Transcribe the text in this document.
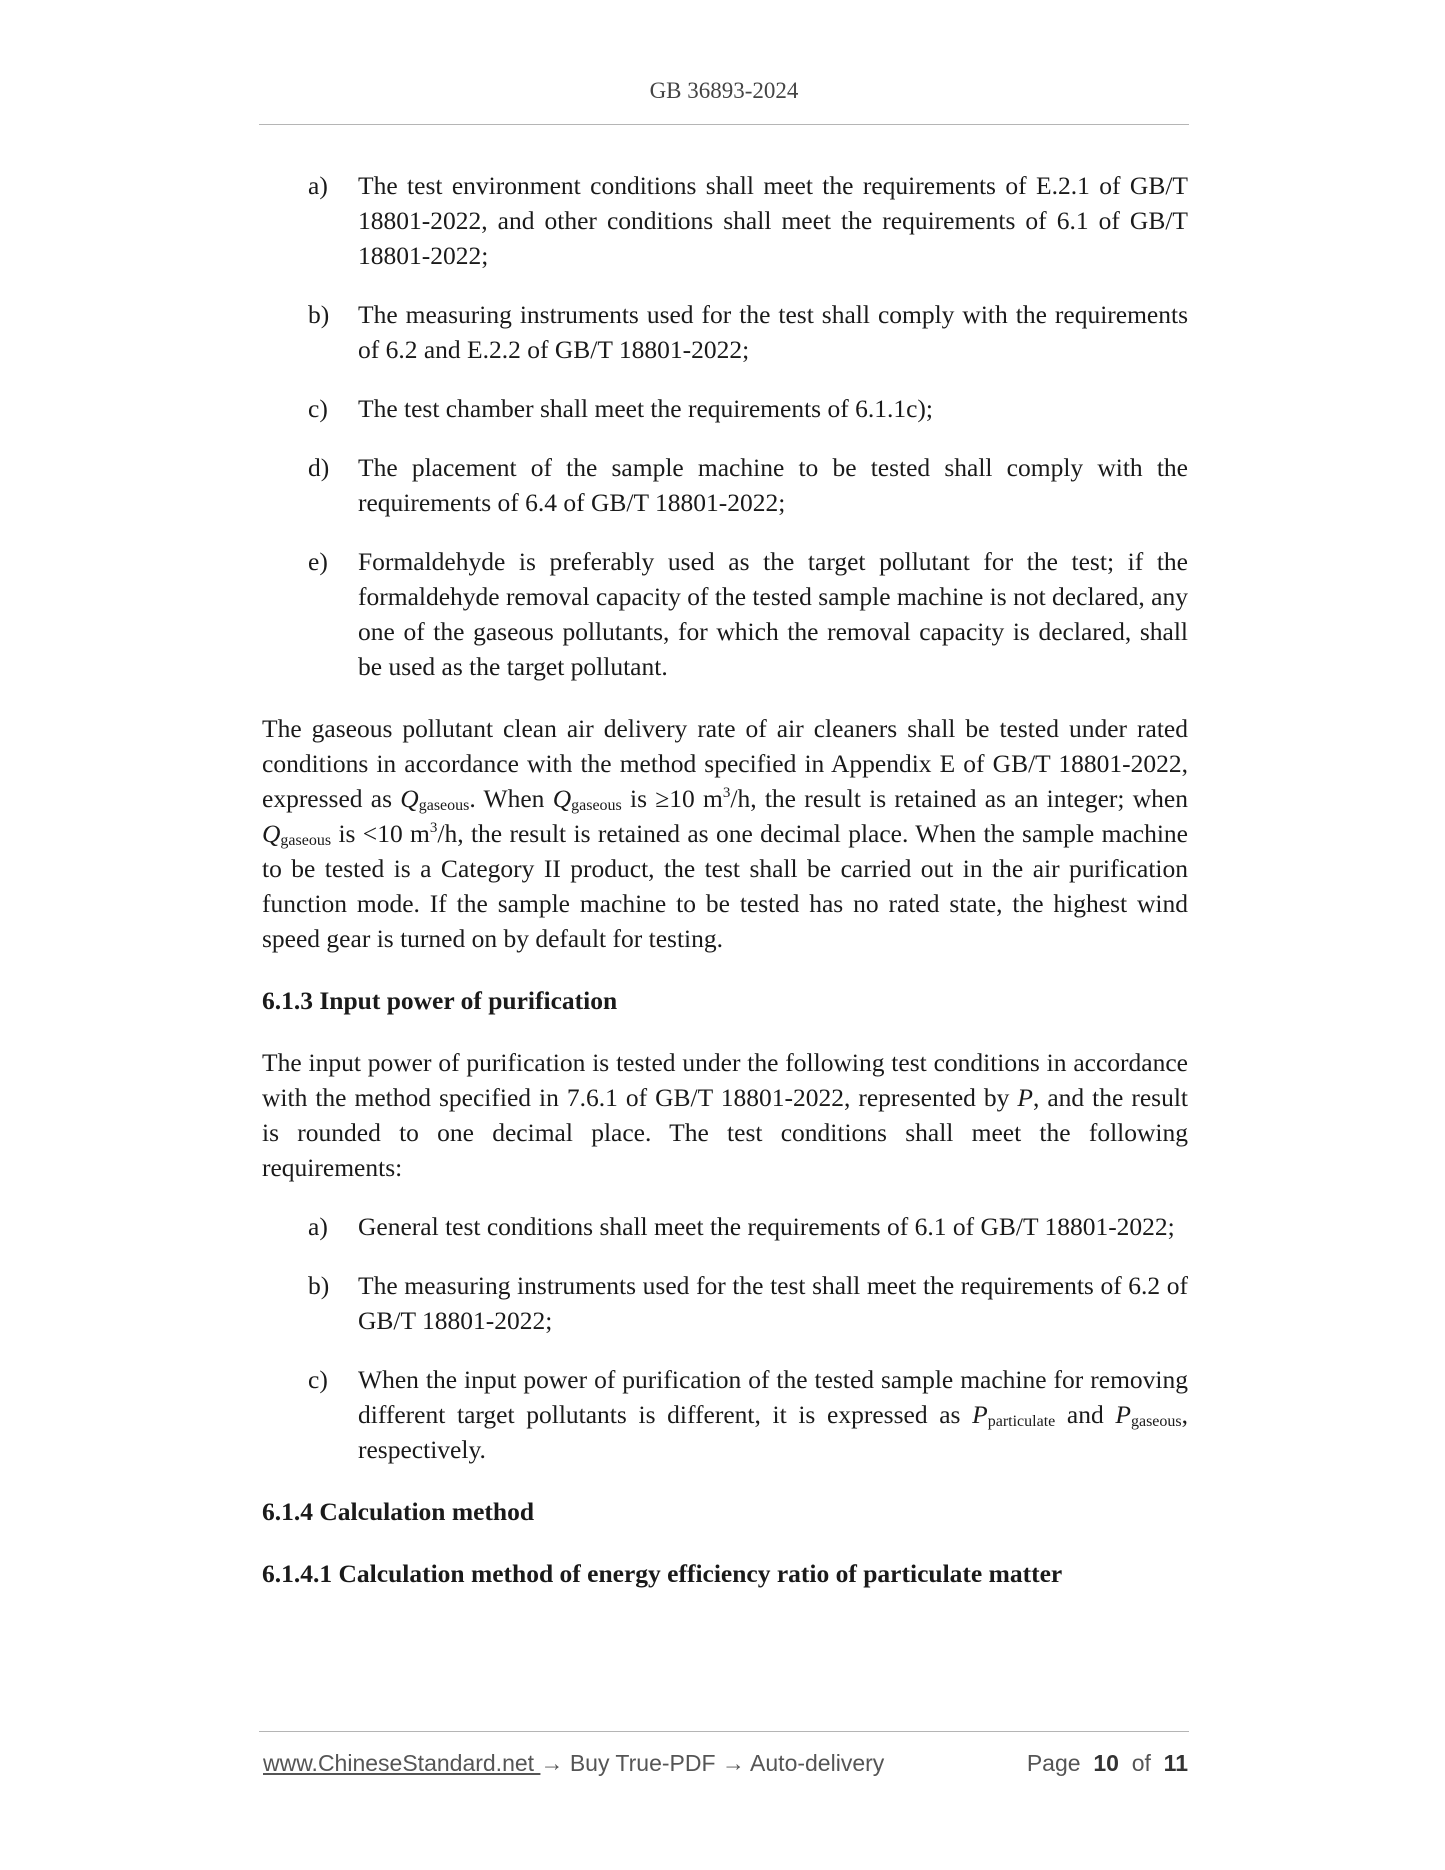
GB 36893-2024
a) The test environment conditions shall meet the requirements of E.2.1 of GB/T 18801-2022, and other conditions shall meet the requirements of 6.1 of GB/T 18801-2022;
b) The measuring instruments used for the test shall comply with the requirements of 6.2 and E.2.2 of GB/T 18801-2022;
c) The test chamber shall meet the requirements of 6.1.1c);
d) The placement of the sample machine to be tested shall comply with the requirements of 6.4 of GB/T 18801-2022;
e) Formaldehyde is preferably used as the target pollutant for the test; if the formaldehyde removal capacity of the tested sample machine is not declared, any one of the gaseous pollutants, for which the removal capacity is declared, shall be used as the target pollutant.

The gaseous pollutant clean air delivery rate of air cleaners shall be tested under rated conditions in accordance with the method specified in Appendix E of GB/T 18801-2022, expressed as $Q_{gaseous}$. When $Q_{gaseous}$ is ≥10 $m^3/h$, the result is retained as an integer; when $Q_{gaseous}$ is <10 $m^3/h$, the result is retained as one decimal place. When the sample machine to be tested is a Category II product, the test shall be carried out in the air purification function mode. If the sample machine to be tested has no rated state, the highest wind speed gear is turned on by default for testing.

6.1.3 Input power of purification

The input power of purification is tested under the following test conditions in accordance with the method specified in 7.6.1 of GB/T 18801-2022, represented by P, and the result is rounded to one decimal place. The test conditions shall meet the following requirements:

a) General test conditions shall meet the requirements of 6.1 of GB/T 18801-2022;
b) The measuring instruments used for the test shall meet the requirements of 6.2 of GB/T 18801-2022;
c) When the input power of purification of the tested sample machine for removing different target pollutants is different, it is expressed as $P_{particulate}$ and $P_{gaseous}$, respectively.

6.1.4 Calculation method

6.1.4.1 Calculation method of energy efficiency ratio of particulate matter

www.ChineseStandard.net → Buy True-PDF → Auto-delivery	Page 10 of 11
